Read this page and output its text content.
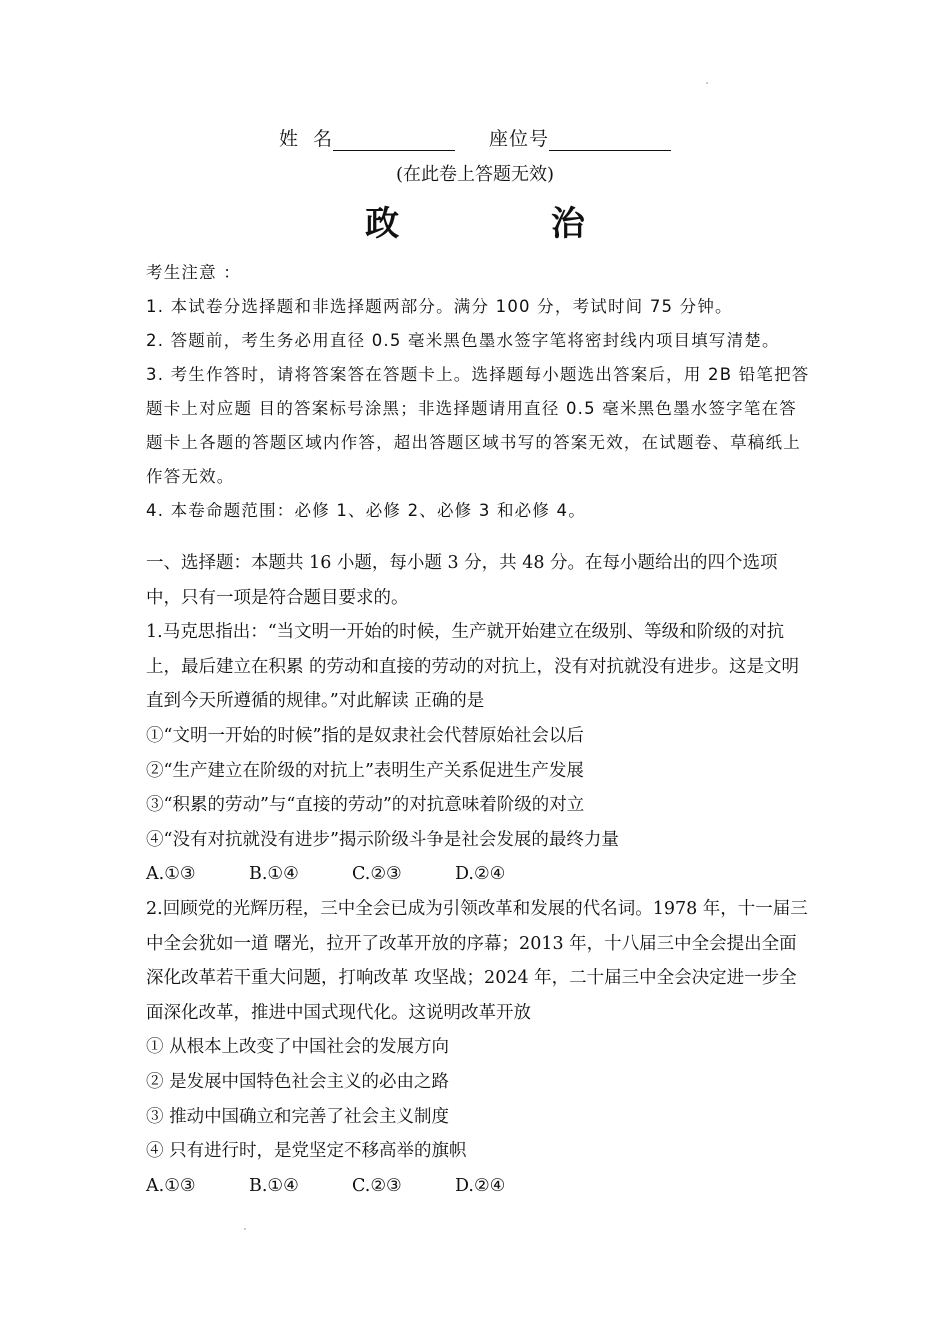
姓  名	座位号
(在此卷上答题无效)
政 治

考生注意 ：

1. 本试卷分选择题和非选择题两部分。满分 100 分，考试时间 75 分钟。

2. 答题前，考生务必用直径 0.5 毫米黑色墨水签字笔将密封线内项目填写清楚。

3. 考生作答时，请将答案答在答题卡上。选择题每小题选出答案后，用 2B 铅笔把答题卡上对应题 目的答案标号涂黑；非选择题请用直径 0.5 毫米黑色墨水签字笔在答题卡上各题的答题区域内作答，超出答题区域书写的答案无效，在试题卷、草稿纸上作答无效。

4. 本卷命题范围：必修 1、必修 2、必修 3 和必修 4。

一、选择题：本题共 16 小题，每小题 3 分，共 48 分。在每小题给出的四个选项中，只有一项是符合题目要求的。

1.马克思指出：“当文明一开始的时候，生产就开始建立在级别、等级和阶级的对抗上，最后建立在积累 的劳动和直接的劳动的对抗上，没有对抗就没有进步。这是文明直到今天所遵循的规律。”对此解读 正确的是

①“文明一开始的时候”指的是奴隶社会代替原始社会以后

②“生产建立在阶级的对抗上”表明生产关系促进生产发展

③“积累的劳动”与“直接的劳动”的对抗意味着阶级的对立

④“没有对抗就没有进步”揭示阶级斗争是社会发展的最终力量

A.①③	B.①④	C.②③	D.②④

2.回顾党的光辉历程，三中全会已成为引领改革和发展的代名词。1978 年，十一届三中全会犹如一道 曙光，拉开了改革开放的序幕；2013 年，十八届三中全会提出全面深化改革若干重大问题，打响改革 攻坚战；2024 年，二十届三中全会决定进一步全面深化改革，推进中国式现代化。这说明改革开放

① 从根本上改变了中国社会的发展方向

② 是发展中国特色社会主义的必由之路

③ 推动中国确立和完善了社会主义制度

④ 只有进行时，是党坚定不移高举的旗帜

A.①③	B.①④	C.②③	D.②④
